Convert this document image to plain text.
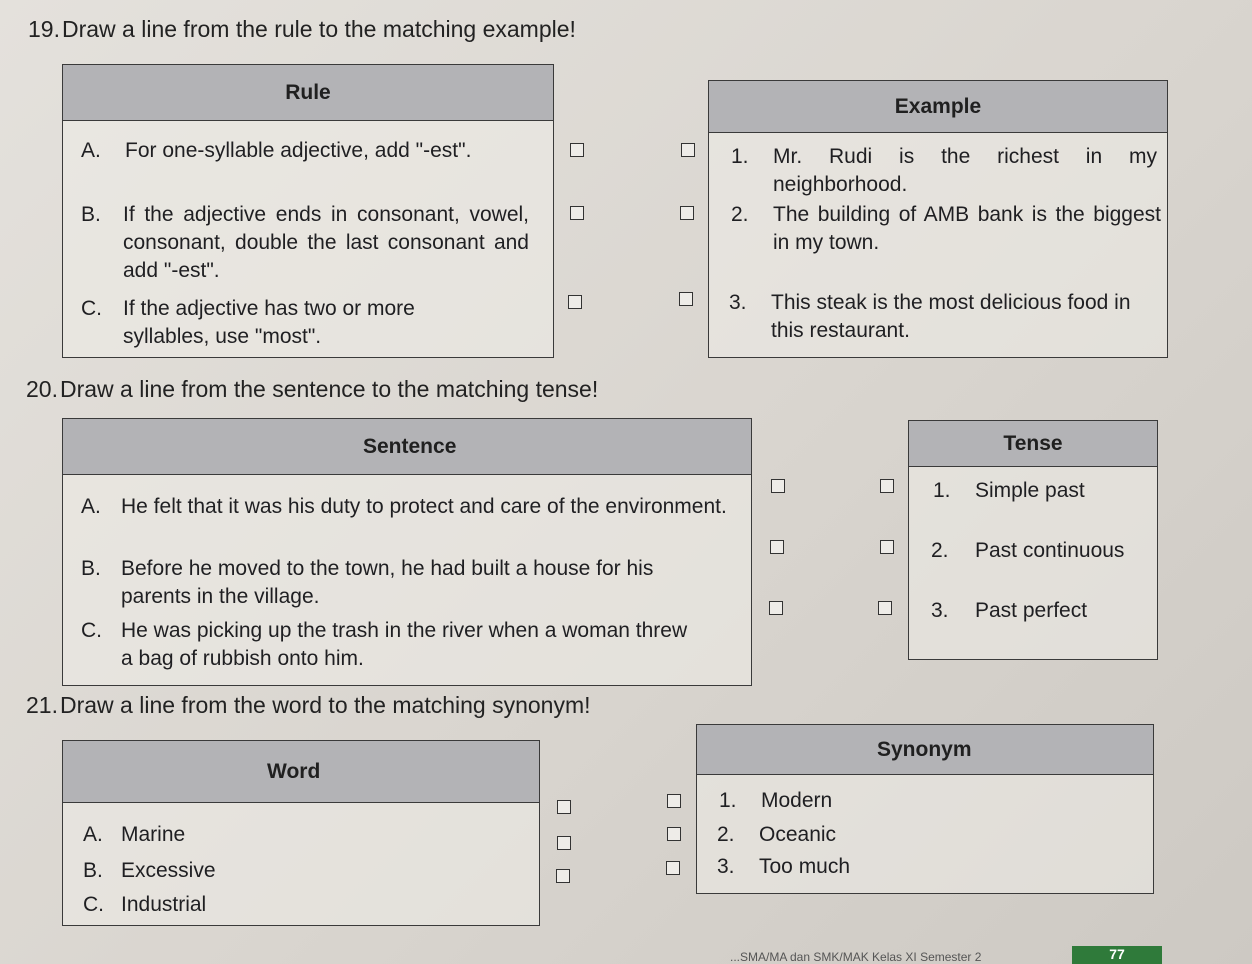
19.Draw a line from the rule to the matching example!
Rule
A. For one-syllable adjective, add "-est".
B. If the adjective ends in consonant, vowel, consonant, double the last consonant and add "-est".
C. If the adjective has two or more syllables, use "most".
Example
1. Mr. Rudi is the richest in my neighborhood.
2. The building of AMB bank is the biggest in my town.
3. This steak is the most delicious food in this restaurant.
20.Draw a line from the sentence to the matching tense!
Sentence
A. He felt that it was his duty to protect and care of the environment.
B. Before he moved to the town, he had built a house for his parents in the village.
C. He was picking up the trash in the river when a woman threw a bag of rubbish onto him.
Tense
1. Simple past
2. Past continuous
3. Past perfect
21.Draw a line from the word to the matching synonym!
Word
A. Marine
B. Excessive
C. Industrial
Synonym
1. Modern
2. Oceanic
3. Too much
...SMA/MA dan SMK/MAK Kelas XI Semester 2	77
